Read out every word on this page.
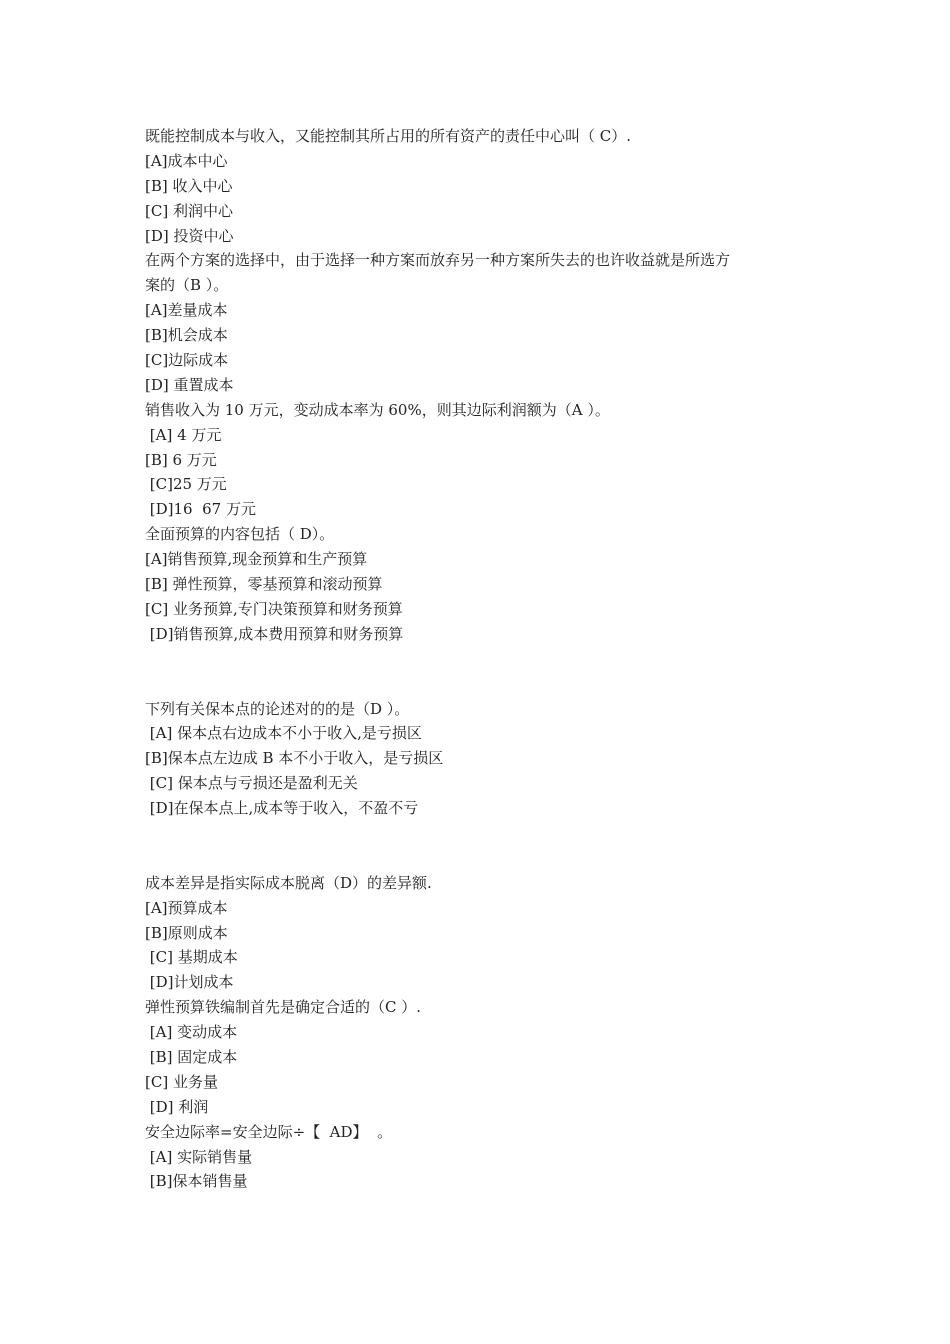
既能控制成本与收入，又能控制其所占用的所有资产的责任中心叫（ C）.
[A]成本中心
[B] 收入中心
[C] 利润中心
[D] 投资中心
在两个方案的选择中，由于选择一种方案而放弃另一种方案所失去的也许收益就是所选方
案的（B ）。
[A]差量成本
[B]机会成本
[C]边际成本
[D] 重置成本
销售收入为 10 万元，变动成本率为 60%，则其边际利润额为（A ）。
[A] 4 万元
[B] 6 万元
[C]25 万元
[D]16  67 万元
全面预算的内容包括（ D）。
[A]销售预算,现金预算和生产预算
[B] 弹性预算，零基预算和滚动预算
[C] 业务预算,专门决策预算和财务预算
[D]销售预算,成本费用预算和财务预算
下列有关保本点的论述对的的是（D ）。
[A] 保本点右边成本不小于收入,是亏损区
[B]保本点左边成 B 本不小于收入，是亏损区
[C] 保本点与亏损还是盈利无关
[D]在保本点上,成本等于收入，不盈不亏
成本差异是指实际成本脱离（D）的差异额.
[A]预算成本
[B]原则成本
[C] 基期成本
[D]计划成本
弹性预算铁编制首先是确定合适的（C ）.
[A] 变动成本
[B] 固定成本
[C] 业务量
[D] 利润
安全边际率=安全边际÷【  AD】  。
[A] 实际销售量
[B]保本销售量
